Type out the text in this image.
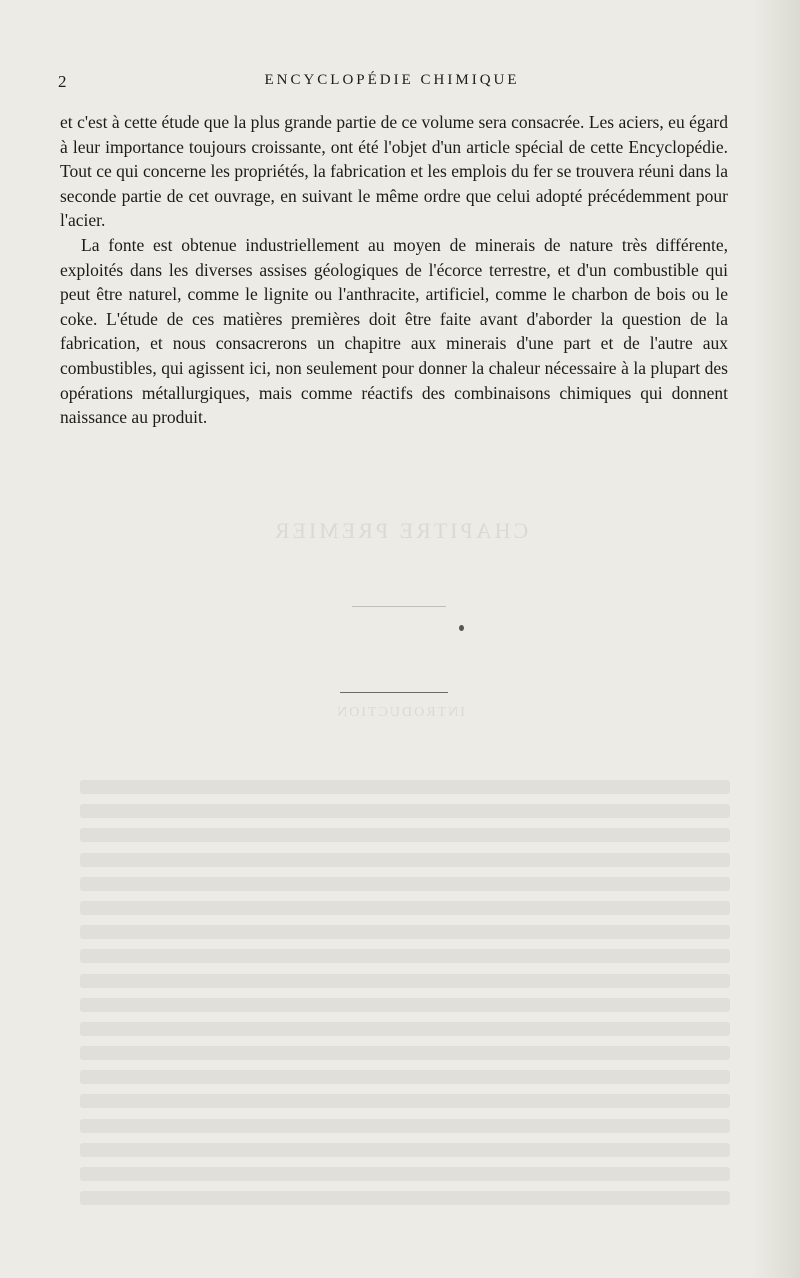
2	ENCYCLOPÉDIE CHIMIQUE

et c'est à cette étude que la plus grande partie de ce volume sera consacrée. Les aciers, eu égard à leur importance toujours croissante, ont été l'objet d'un article spécial de cette Encyclopédie. Tout ce qui concerne les propriétés, la fabrication et les emplois du fer se trouvera réuni dans la seconde partie de cet ouvrage, en suivant le même ordre que celui adopté précédemment pour l'acier.

La fonte est obtenue industriellement au moyen de minerais de nature très différente, exploités dans les diverses assises géologiques de l'écorce terrestre, et d'un combustible qui peut être naturel, comme le lignite ou l'anthracite, artificiel, comme le charbon de bois ou le coke. L'étude de ces matières premières doit être faite avant d'aborder la question de la fabrication, et nous consacrerons un chapitre aux minerais d'une part et de l'autre aux combustibles, qui agissent ici, non seulement pour donner la chaleur nécessaire à la plupart des opérations métallurgiques, mais comme réactifs des combinaisons chimiques qui donnent naissance au produit.

CHAPITRE PREMIER
INTRODUCTION
